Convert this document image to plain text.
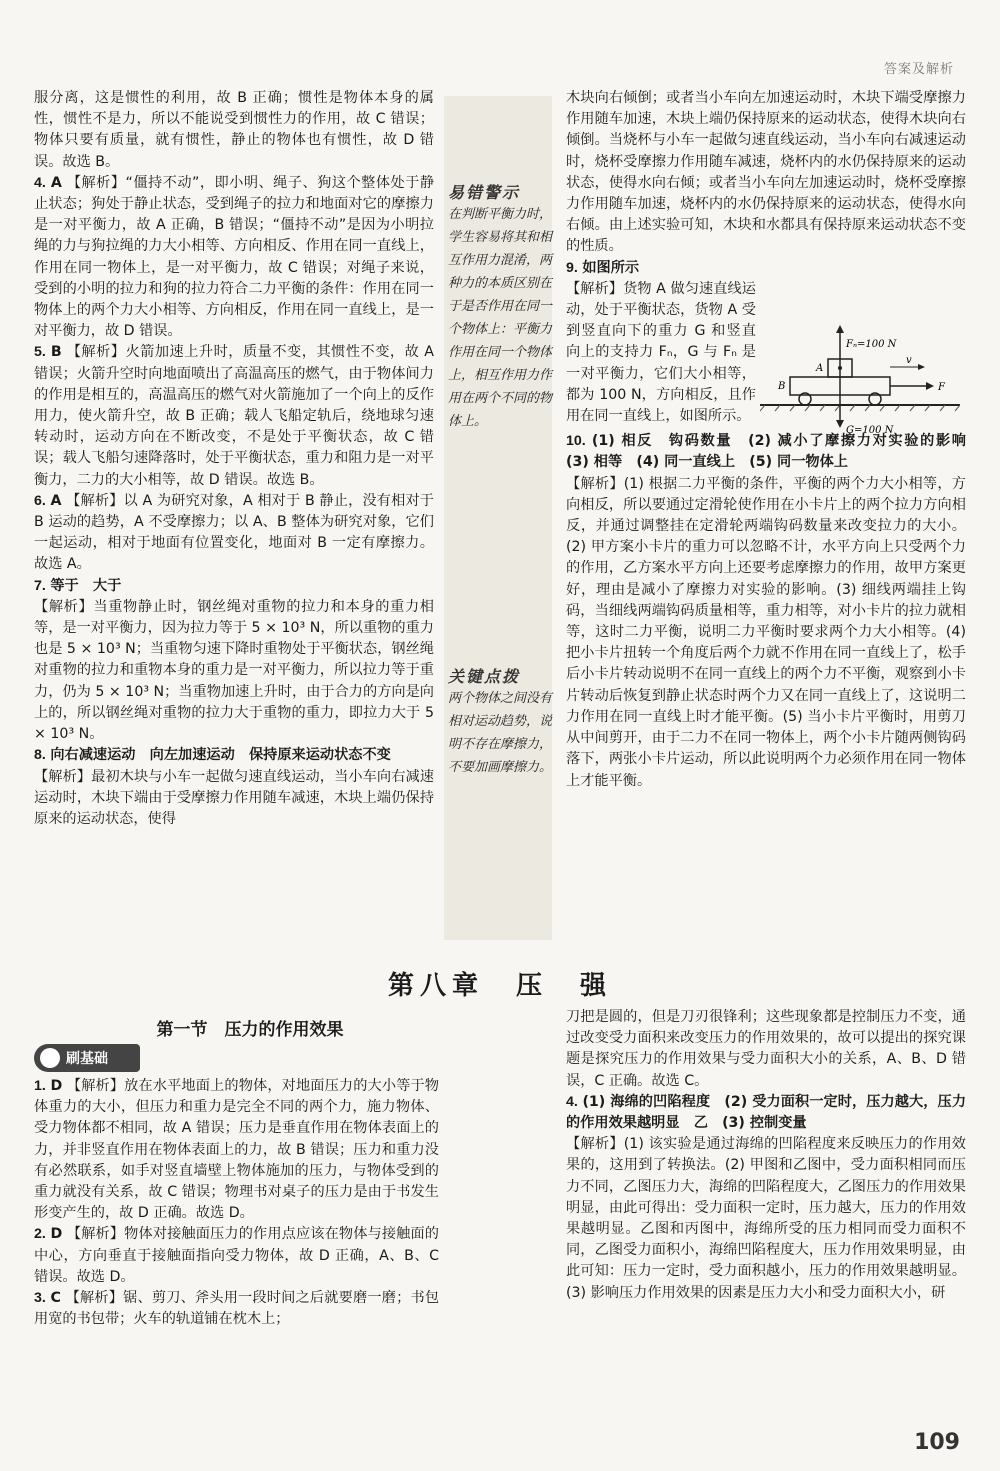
答案及解析
易错警示
在判断平衡力时，学生容易将其和相互作用力混淆，两种力的本质区别在于是否作用在同一个物体上：平衡力作用在同一个物体上，相互作用力作用在两个不同的物体上。
关键点拨
两个物体之间没有相对运动趋势，说明不存在摩擦力，不要加画摩擦力。

服分离，这是惯性的利用，故 B 正确；惯性是物体本身的属性，惯性不是力，所以不能说受到惯性力的作用，故 C 错误；物体只要有质量，就有惯性，静止的物体也有惯性，故 D 错误。故选 B。

4. A 【解析】“僵持不动”，即小明、绳子、狗这个整体处于静止状态；狗处于静止状态，受到绳子的拉力和地面对它的摩擦力是一对平衡力，故 A 正确，B 错误；“僵持不动”是因为小明拉绳的力与狗拉绳的力大小相等、方向相反、作用在同一直线上，作用在同一物体上，是一对平衡力，故 C 错误；对绳子来说，受到的小明的拉力和狗的拉力符合二力平衡的条件：作用在同一物体上的两个力大小相等、方向相反，作用在同一直线上，是一对平衡力，故 D 错误。

5. B 【解析】火箭加速上升时，质量不变，其惯性不变，故 A 错误；火箭升空时向地面喷出了高温高压的燃气，由于物体间力的作用是相互的，高温高压的燃气对火箭施加了一个向上的反作用力，使火箭升空，故 B 正确；载人飞船定轨后，绕地球匀速转动时，运动方向在不断改变，不是处于平衡状态，故 C 错误；载人飞船匀速降落时，处于平衡状态，重力和阻力是一对平衡力，二力的大小相等，故 D 错误。故选 B。

6. A 【解析】以 A 为研究对象，A 相对于 B 静止，没有相对于 B 运动的趋势，A 不受摩擦力；以 A、B 整体为研究对象，它们一起运动，相对于地面有位置变化，地面对 B 一定有摩擦力。故选 A。

7. 等于　大于
【解析】当重物静止时，钢丝绳对重物的拉力和本身的重力相等，是一对平衡力，因为拉力等于 5 × 10³ N，所以重物的重力也是 5 × 10³ N；当重物匀速下降时重物处于平衡状态，钢丝绳对重物的拉力和重物本身的重力是一对平衡力，所以拉力等于重力，仍为 5 × 10³ N；当重物加速上升时，由于合力的方向是向上的，所以钢丝绳对重物的拉力大于重物的重力，即拉力大于 5 × 10³ N。

8. 向右减速运动　向左加速运动　保持原来运动状态不变
【解析】最初木块与小车一起做匀速直线运动，当小车向右减速运动时，木块下端由于受摩擦力作用随车减速，木块上端仍保持原来的运动状态，使得

木块向右倾倒；或者当小车向左加速运动时，木块下端受摩擦力作用随车加速，木块上端仍保持原来的运动状态，使得木块向右倾倒。当烧杯与小车一起做匀速直线运动，当小车向右减速运动时，烧杯受摩擦力作用随车减速，烧杯内的水仍保持原来的运动状态，使得水向右倾；或者当小车向左加速运动时，烧杯受摩擦力作用随车加速，烧杯内的水仍保持原来的运动状态，使得水向右倾。由上述实验可知，木块和水都具有保持原来运动状态不变的性质。

9. 如图所示

【解析】货物 A 做匀速直线运动，处于平衡状态，货物 A 受到竖直向下的重力 G 和竖直向上的支持力 Fₙ，G 与 Fₙ 是一对平衡力，它们大小相等，都为 100 N，方向相反，且作用在同一直线上，如图所示。

10. (1) 相反　钩码数量　(2) 减小了摩擦力对实验的影响　(3) 相等　(4) 同一直线上　(5) 同一物体上
【解析】(1) 根据二力平衡的条件，平衡的两个力大小相等，方向相反，所以要通过定滑轮使作用在小卡片上的两个拉力方向相反，并通过调整挂在定滑轮两端钩码数量来改变拉力的大小。(2) 甲方案小卡片的重力可以忽略不计，水平方向上只受两个力的作用，乙方案水平方向上还要考虑摩擦力的作用，故甲方案更好，理由是减小了摩擦力对实验的影响。(3) 细线两端挂上钩码，当细线两端钩码质量相等，重力相等，对小卡片的拉力就相等，这时二力平衡，说明二力平衡时要求两个力大小相等。(4) 把小卡片扭转一个角度后两个力就不作用在同一直线上了，松手后小卡片转动说明不在同一直线上的两个力不平衡，观察到小卡片转动后恢复到静止状态时两个力又在同一直线上了，这说明二力作用在同一直线上时才能平衡。(5) 当小卡片平衡时，用剪刀从中间剪开，由于二力不在同一物体上，两个小卡片随两侧钩码落下，两张小卡片运动，所以此说明两个力必须作用在同一物体上才能平衡。

Fₙ=100 N
G=100 N
A
B
v
F
第八章　压　强
第一节　压力的作用效果
刷基础

1. D 【解析】放在水平地面上的物体，对地面压力的大小等于物体重力的大小，但压力和重力是完全不同的两个力，施力物体、受力物体都不相同，故 A 错误；压力是垂直作用在物体表面上的力，并非竖直作用在物体表面上的力，故 B 错误；压力和重力没有必然联系，如手对竖直墙壁上物体施加的压力，与物体受到的重力就没有关系，故 C 错误；物理书对桌子的压力是由于书发生形变产生的，故 D 正确。故选 D。

2. D 【解析】物体对接触面压力的作用点应该在物体与接触面的中心，方向垂直于接触面指向受力物体，故 D 正确，A、B、C 错误。故选 D。

3. C 【解析】锯、剪刀、斧头用一段时间之后就要磨一磨；书包用宽的书包带；火车的轨道铺在枕木上；

刀把是圆的，但是刀刃很锋利；这些现象都是控制压力不变，通过改变受力面积来改变压力的作用效果的，故可以提出的探究课题是探究压力的作用效果与受力面积大小的关系，A、B、D 错误，C 正确。故选 C。

4. (1) 海绵的凹陷程度　(2) 受力面积一定时，压力越大，压力的作用效果越明显　乙　(3) 控制变量
【解析】(1) 该实验是通过海绵的凹陷程度来反映压力的作用效果的，这用到了转换法。(2) 甲图和乙图中，受力面积相同而压力不同，乙图压力大，海绵的凹陷程度大，乙图压力的作用效果明显，由此可得出：受力面积一定时，压力越大，压力的作用效果越明显。乙图和丙图中，海绵所受的压力相同而受力面积不同，乙图受力面积小，海绵凹陷程度大，压力作用效果明显，由此可知：压力一定时，受力面积越小，压力的作用效果越明显。(3) 影响压力作用效果的因素是压力大小和受力面积大小，研

109
